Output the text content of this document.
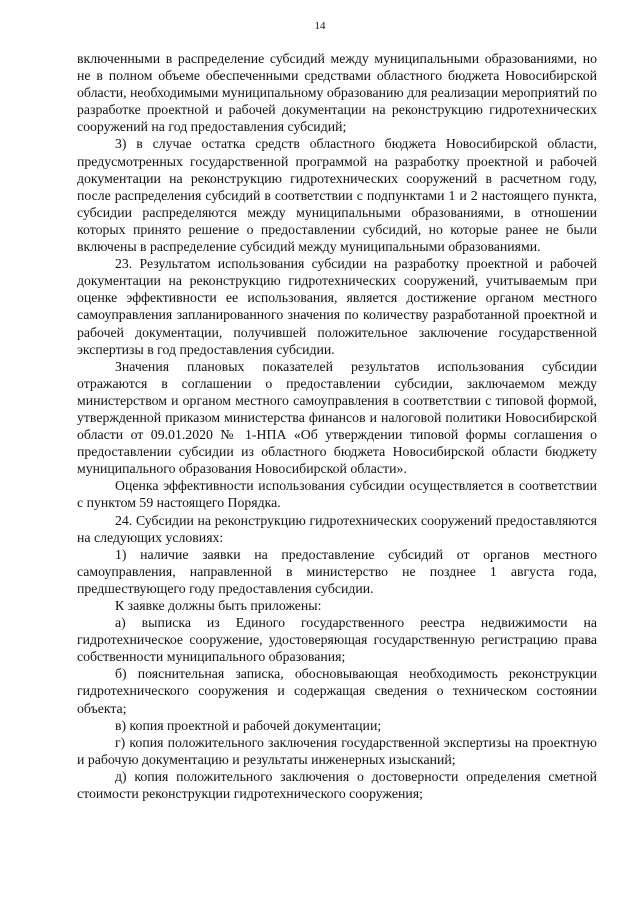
14

включенными в распределение субсидий между муниципальными образованиями, но не в полном объеме обеспеченными средствами областного бюджета Новосибирской области, необходимыми муниципальному образованию для реализации мероприятий по разработке проектной и рабочей документации на реконструкцию гидротехнических сооружений на год предоставления субсидий;

3) в случае остатка средств областного бюджета Новосибирской области, предусмотренных государственной программой на разработку проектной и рабочей документации на реконструкцию гидротехнических сооружений в расчетном году, после распределения субсидий в соответствии с подпунктами 1 и 2 настоящего пункта, субсидии распределяются между муниципальными образованиями, в отношении которых принято решение о предоставлении субсидий, но которые ранее не были включены в распределение субсидий между муниципальными образованиями.

23. Результатом использования субсидии на разработку проектной и рабочей документации на реконструкцию гидротехнических сооружений, учитываемым при оценке эффективности ее использования, является достижение органом местного самоуправления запланированного значения по количеству разработанной проектной и рабочей документации, получившей положительное заключение государственной экспертизы в год предоставления субсидии.

Значения плановых показателей результатов использования субсидии отражаются в соглашении о предоставлении субсидии, заключаемом между министерством и органом местного самоуправления в соответствии с типовой формой, утвержденной приказом министерства финансов и налоговой политики Новосибирской области от 09.01.2020 № 1-НПА «Об утверждении типовой формы соглашения о предоставлении субсидии из областного бюджета Новосибирской области бюджету муниципального образования Новосибирской области».

Оценка эффективности использования субсидии осуществляется в соответствии с пунктом 59 настоящего Порядка.

24. Субсидии на реконструкцию гидротехнических сооружений предоставляются на следующих условиях:

1) наличие заявки на предоставление субсидий от органов местного самоуправления, направленной в министерство не позднее 1 августа года, предшествующего году предоставления субсидии.

К заявке должны быть приложены:

а) выписка из Единого государственного реестра недвижимости на гидротехническое сооружение, удостоверяющая государственную регистрацию права собственности муниципального образования;

б) пояснительная записка, обосновывающая необходимость реконструкции гидротехнического сооружения и содержащая сведения о техническом состоянии объекта;

в) копия проектной и рабочей документации;

г) копия положительного заключения государственной экспертизы на проектную и рабочую документацию и результаты инженерных изысканий;

д) копия положительного заключения о достоверности определения сметной стоимости реконструкции гидротехнического сооружения;
